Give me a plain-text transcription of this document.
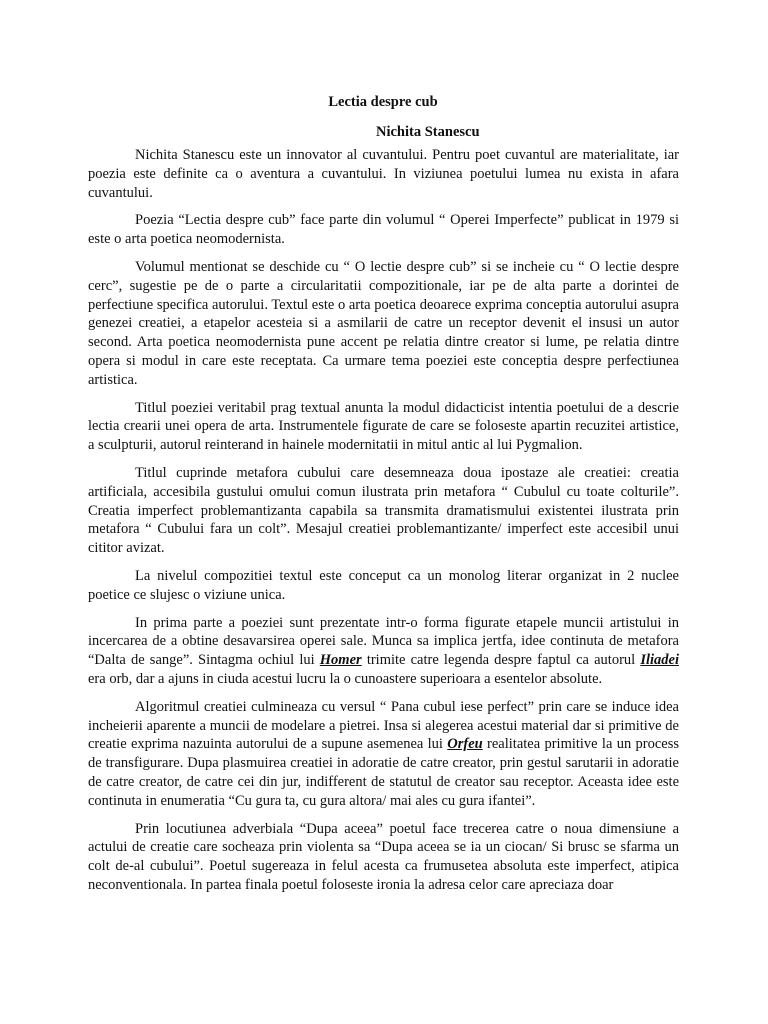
Lectia despre cub
Nichita Stanescu

Nichita Stanescu este un innovator al cuvantului. Pentru poet cuvantul are materialitate, iar poezia este definite ca o aventura a cuvantului. In viziunea poetului lumea nu exista in afara cuvantului.

Poezia “Lectia despre cub” face parte din volumul “ Operei Imperfecte” publicat in 1979 si este o arta poetica neomodernista.

Volumul mentionat se deschide cu “ O lectie despre cub” si se incheie cu “ O lectie despre cerc”, sugestie pe de o parte a circularitatii compozitionale, iar pe de alta parte a dorintei de perfectiune specifica autorului. Textul este o arta poetica deoarece exprima conceptia autorului asupra genezei creatiei, a etapelor acesteia si a asmilarii de catre un receptor devenit el insusi un autor second. Arta poetica neomodernista pune accent pe relatia dintre creator si lume, pe relatia dintre opera si modul in care este receptata. Ca urmare tema poeziei este conceptia despre perfectiunea artistica.

Titlul poeziei veritabil prag textual anunta la modul didacticist intentia poetului de a descrie lectia crearii unei opera de arta. Instrumentele figurate de care se foloseste apartin recuzitei artistice, a sculpturii, autorul reinterand in hainele modernitatii in mitul antic al lui Pygmalion.

Titlul cuprinde metafora cubului care desemneaza doua ipostaze ale creatiei: creatia artificiala, accesibila gustului omului comun ilustrata prin metafora “ Cubulul cu toate colturile”. Creatia imperfect problemantizanta capabila sa transmita dramatismului existentei ilustrata prin metafora “ Cubului fara un colt”. Mesajul creatiei problemantizante/ imperfect este accesibil unui cititor avizat.

La nivelul compozitiei textul este conceput ca un monolog literar organizat in 2 nuclee poetice ce slujesc o viziune unica.

In prima parte a poeziei sunt prezentate intr-o forma figurate etapele muncii artistului in incercarea de a obtine desavarsirea operei sale. Munca sa implica jertfa, idee continuta de metafora “Dalta de sange”. Sintagma ochiul lui Homer trimite catre legenda despre faptul ca autorul Iliadei era orb, dar a ajuns in ciuda acestui lucru la o cunoastere superioara a esentelor absolute.

Algoritmul creatiei culmineaza cu versul “ Pana cubul iese perfect” prin care se induce idea incheierii aparente a muncii de modelare a pietrei. Insa si alegerea acestui material dar si primitive de creatie exprima nazuinta autorului de a supune asemenea lui Orfeu realitatea primitive la un process de transfigurare. Dupa plasmuirea creatiei in adoratie de catre creator, prin gestul sarutarii in adoratie de catre creator, de catre cei din jur, indifferent de statutul de creator sau receptor. Aceasta idee este continuta in enumeratia “Cu gura ta, cu gura altora/ mai ales cu gura ifantei”.

Prin locutiunea adverbiala “Dupa aceea” poetul face trecerea catre o noua dimensiune a actului de creatie care socheaza prin violenta sa “Dupa aceea se ia un ciocan/ Si brusc se sfarma un colt de-al cubului”. Poetul sugereaza in felul acesta ca frumusetea absoluta este imperfect, atipica neconventionala. In partea finala poetul foloseste ironia la adresa celor care apreciaza doar
